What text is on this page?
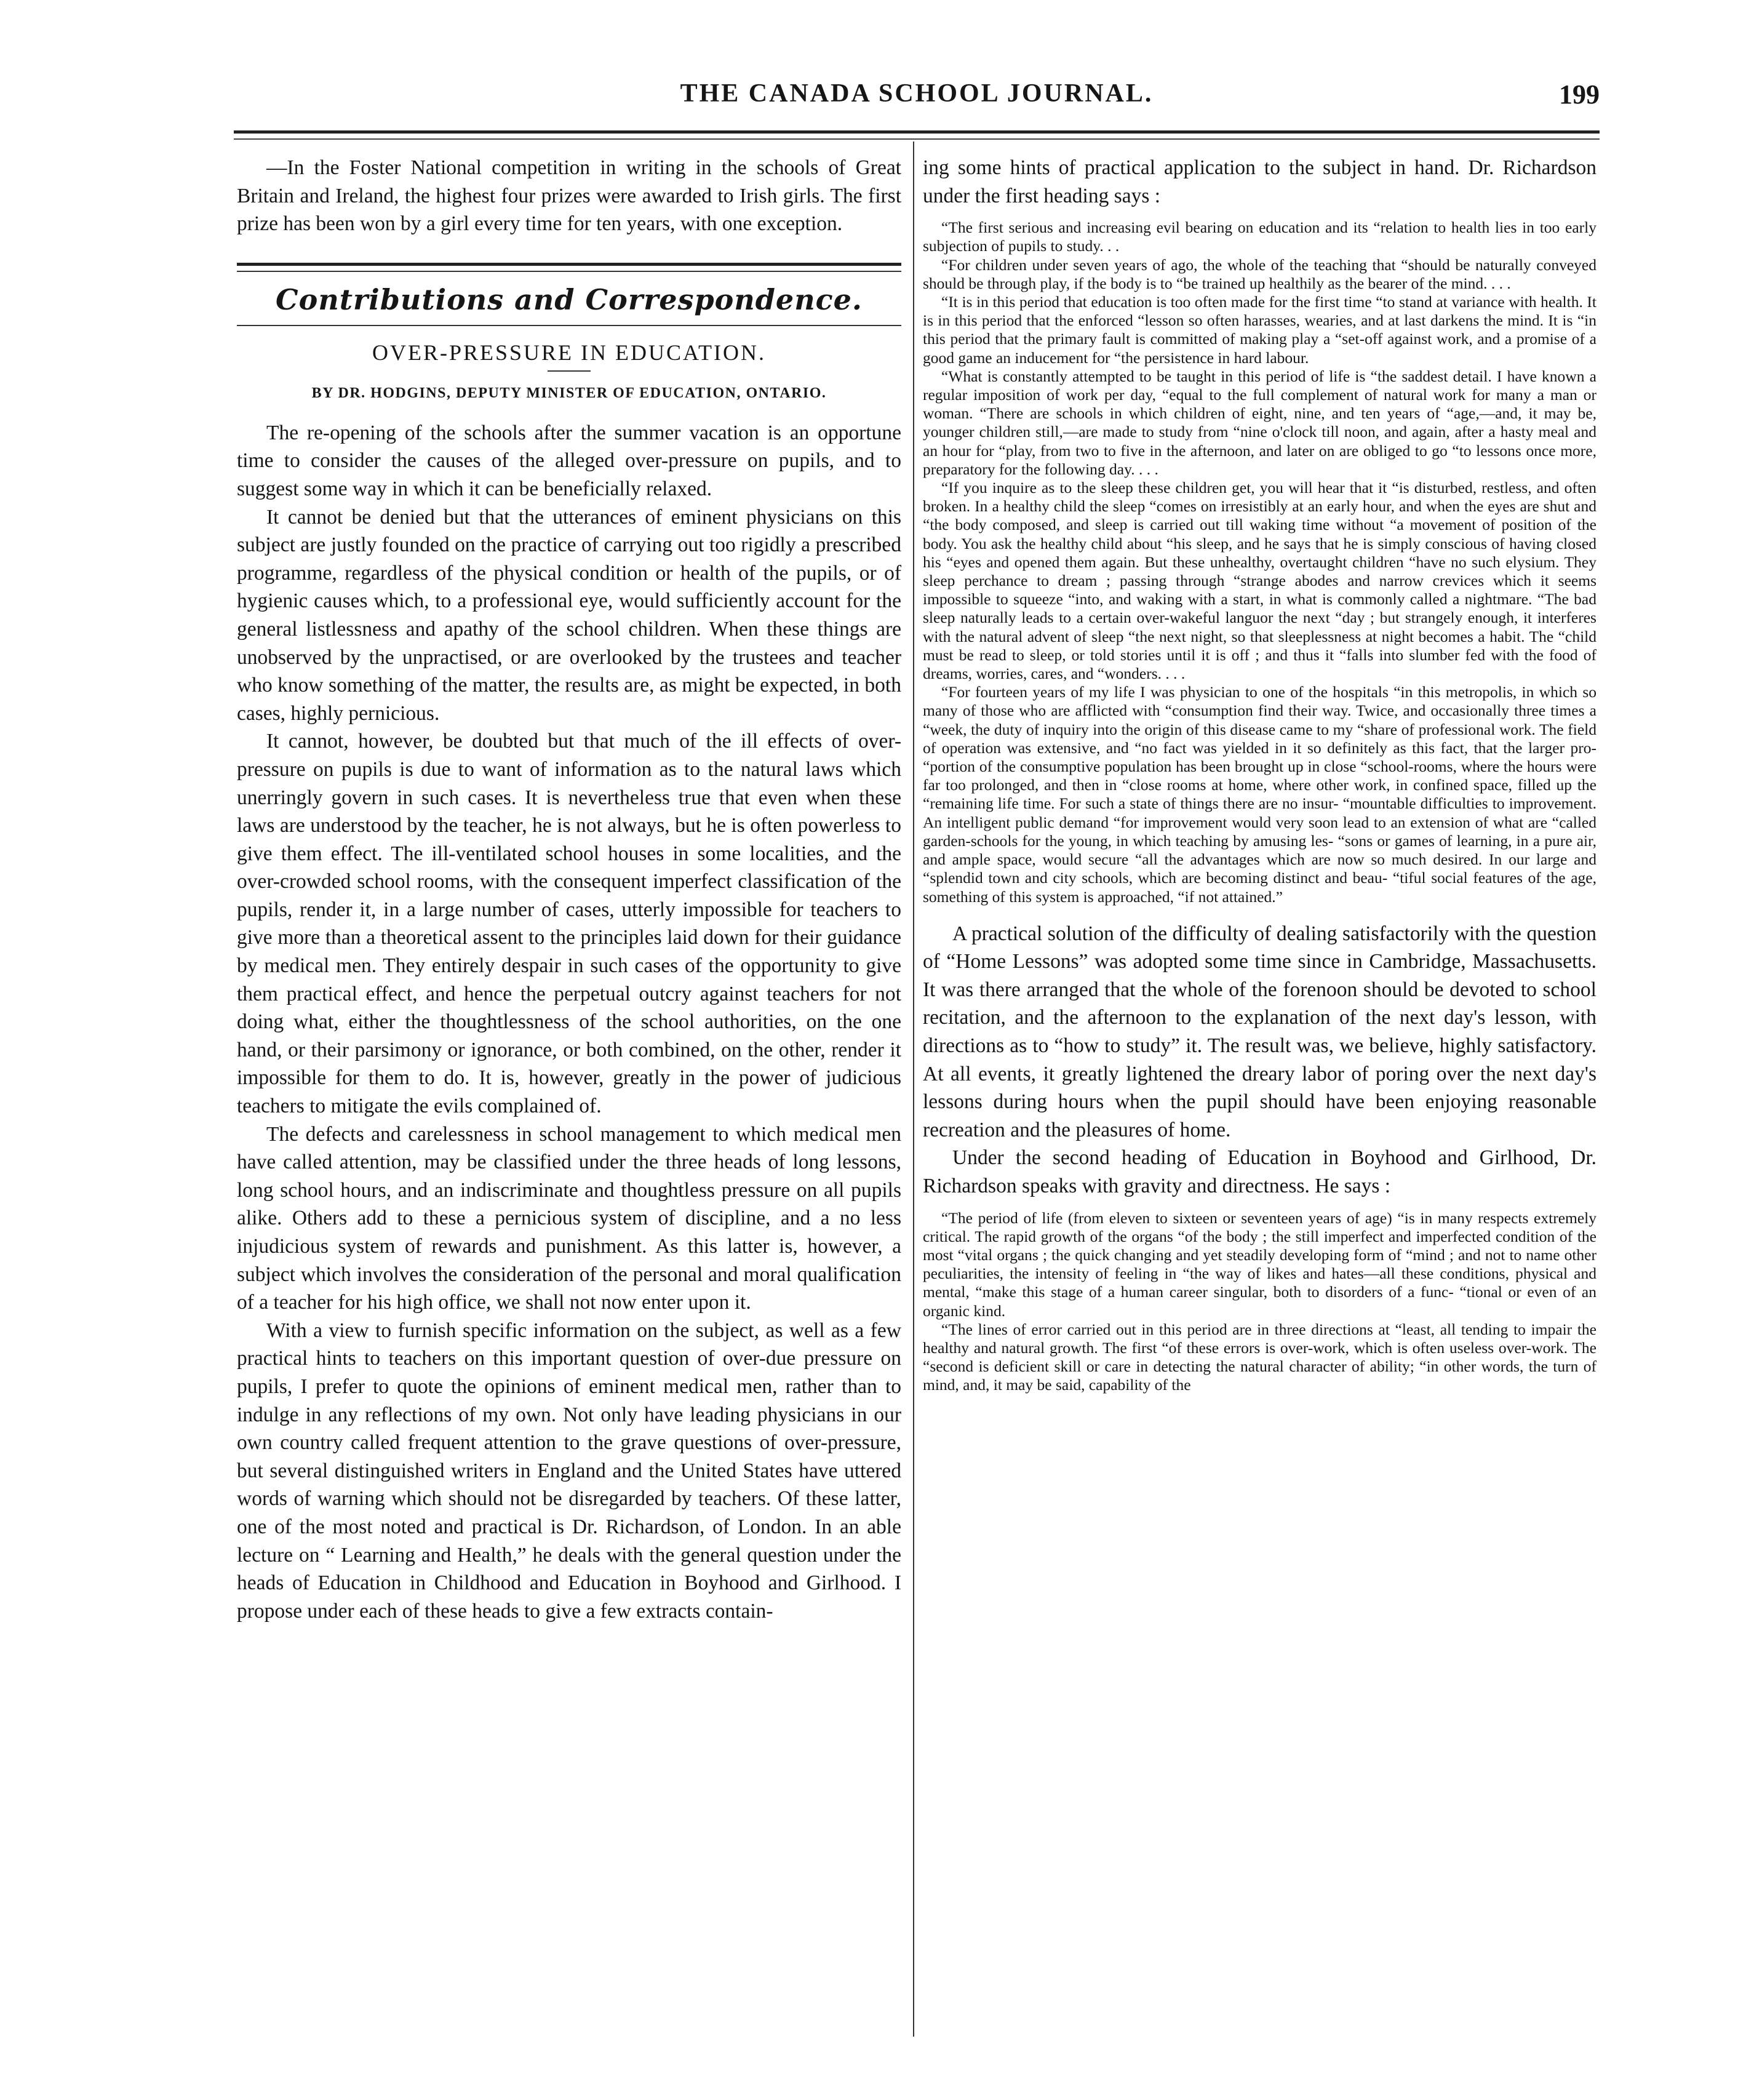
THE CANADA SCHOOL JOURNAL.	199

—In the Foster National competition in writing in the schools of Great Britain and Ireland, the highest four prizes were awarded to Irish girls. The first prize has been won by a girl every time for ten years, with one exception.

Contributions and Correspondence.
OVER-PRESSURE IN EDUCATION.
BY DR. HODGINS, DEPUTY MINISTER OF EDUCATION, ONTARIO.

The re-opening of the schools after the summer vacation is an opportune time to consider the causes of the alleged over-pressure on pupils, and to suggest some way in which it can be beneficially relaxed.

It cannot be denied but that the utterances of eminent physicians on this subject are justly founded on the practice of carrying out too rigidly a prescribed programme, regardless of the physical condition or health of the pupils, or of hygienic causes which, to a professional eye, would sufficiently account for the general listlessness and apathy of the school children. When these things are unobserved by the unpractised, or are overlooked by the trustees and teacher who know something of the matter, the results are, as might be expected, in both cases, highly pernicious.

It cannot, however, be doubted but that much of the ill effects of over-pressure on pupils is due to want of information as to the natural laws which unerringly govern in such cases. It is nevertheless true that even when these laws are understood by the teacher, he is not always, but he is often powerless to give them effect. The ill-ventilated school houses in some localities, and the over-crowded school rooms, with the consequent imperfect classification of the pupils, render it, in a large number of cases, utterly impossible for teachers to give more than a theoretical assent to the principles laid down for their guidance by medical men. They entirely despair in such cases of the opportunity to give them practical effect, and hence the perpetual outcry against teachers for not doing what, either the thoughtlessness of the school authorities, on the one hand, or their parsimony or ignorance, or both combined, on the other, render it impossible for them to do. It is, however, greatly in the power of judicious teachers to mitigate the evils complained of.

The defects and carelessness in school management to which medical men have called attention, may be classified under the three heads of long lessons, long school hours, and an indiscriminate and thoughtless pressure on all pupils alike. Others add to these a pernicious system of discipline, and a no less injudicious system of rewards and punishment. As this latter is, however, a subject which involves the consideration of the personal and moral qualification of a teacher for his high office, we shall not now enter upon it.

With a view to furnish specific information on the subject, as well as a few practical hints to teachers on this important question of over-due pressure on pupils, I prefer to quote the opinions of eminent medical men, rather than to indulge in any reflections of my own. Not only have leading physicians in our own country called frequent attention to the grave questions of over-pressure, but several distinguished writers in England and the United States have uttered words of warning which should not be disregarded by teachers. Of these latter, one of the most noted and practical is Dr. Richardson, of London. In an able lecture on “ Learning and Health,” he deals with the general question under the heads of Education in Childhood and Education in Boyhood and Girlhood. I propose under each of these heads to give a few extracts contain-

ing some hints of practical application to the subject in hand. Dr. Richardson under the first heading says :

“The first serious and increasing evil bearing on education and its “relation to health lies in too early subjection of pupils to study. . .

“For children under seven years of ago, the whole of the teaching that “should be naturally conveyed should be through play, if the body is to “be trained up healthily as the bearer of the mind. . . .

“It is in this period that education is too often made for the first time “to stand at variance with health. It is in this period that the enforced “lesson so often harasses, wearies, and at last darkens the mind. It is “in this period that the primary fault is committed of making play a “set-off against work, and a promise of a good game an inducement for “the persistence in hard labour.

“What is constantly attempted to be taught in this period of life is “the saddest detail. I have known a regular imposition of work per day, “equal to the full complement of natural work for many a man or woman. “There are schools in which children of eight, nine, and ten years of “age,—and, it may be, younger children still,—are made to study from “nine o'clock till noon, and again, after a hasty meal and an hour for “play, from two to five in the afternoon, and later on are obliged to go “to lessons once more, preparatory for the following day. . . .

“If you inquire as to the sleep these children get, you will hear that it “is disturbed, restless, and often broken. In a healthy child the sleep “comes on irresistibly at an early hour, and when the eyes are shut and “the body composed, and sleep is carried out till waking time without “a movement of position of the body. You ask the healthy child about “his sleep, and he says that he is simply conscious of having closed his “eyes and opened them again. But these unhealthy, overtaught children “have no such elysium. They sleep perchance to dream ; passing through “strange abodes and narrow crevices which it seems impossible to squeeze “into, and waking with a start, in what is commonly called a nightmare. “The bad sleep naturally leads to a certain over-wakeful languor the next “day ; but strangely enough, it interferes with the natural advent of sleep “the next night, so that sleeplessness at night becomes a habit. The “child must be read to sleep, or told stories until it is off ; and thus it “falls into slumber fed with the food of dreams, worries, cares, and “wonders. . . .

“For fourteen years of my life I was physician to one of the hospitals “in this metropolis, in which so many of those who are afflicted with “consumption find their way. Twice, and occasionally three times a “week, the duty of inquiry into the origin of this disease came to my “share of professional work. The field of operation was extensive, and “no fact was yielded in it so definitely as this fact, that the larger pro- “portion of the consumptive population has been brought up in close “school-rooms, where the hours were far too prolonged, and then in “close rooms at home, where other work, in confined space, filled up the “remaining life time. For such a state of things there are no insur- “mountable difficulties to improvement. An intelligent public demand “for improvement would very soon lead to an extension of what are “called garden-schools for the young, in which teaching by amusing les- “sons or games of learning, in a pure air, and ample space, would secure “all the advantages which are now so much desired. In our large and “splendid town and city schools, which are becoming distinct and beau- “tiful social features of the age, something of this system is approached, “if not attained.”

A practical solution of the difficulty of dealing satisfactorily with the question of “Home Lessons” was adopted some time since in Cambridge, Massachusetts. It was there arranged that the whole of the forenoon should be devoted to school recitation, and the afternoon to the explanation of the next day's lesson, with directions as to “how to study” it. The result was, we believe, highly satisfactory. At all events, it greatly lightened the dreary labor of poring over the next day's lessons during hours when the pupil should have been enjoying reasonable recreation and the pleasures of home.

Under the second heading of Education in Boyhood and Girlhood, Dr. Richardson speaks with gravity and directness. He says :

“The period of life (from eleven to sixteen or seventeen years of age) “is in many respects extremely critical. The rapid growth of the organs “of the body ; the still imperfect and imperfected condition of the most “vital organs ; the quick changing and yet steadily developing form of “mind ; and not to name other peculiarities, the intensity of feeling in “the way of likes and hates—all these conditions, physical and mental, “make this stage of a human career singular, both to disorders of a func- “tional or even of an organic kind.

“The lines of error carried out in this period are in three directions at “least, all tending to impair the healthy and natural growth. The first “of these errors is over-work, which is often useless over-work. The “second is deficient skill or care in detecting the natural character of ability; “in other words, the turn of mind, and, it may be said, capability of the
